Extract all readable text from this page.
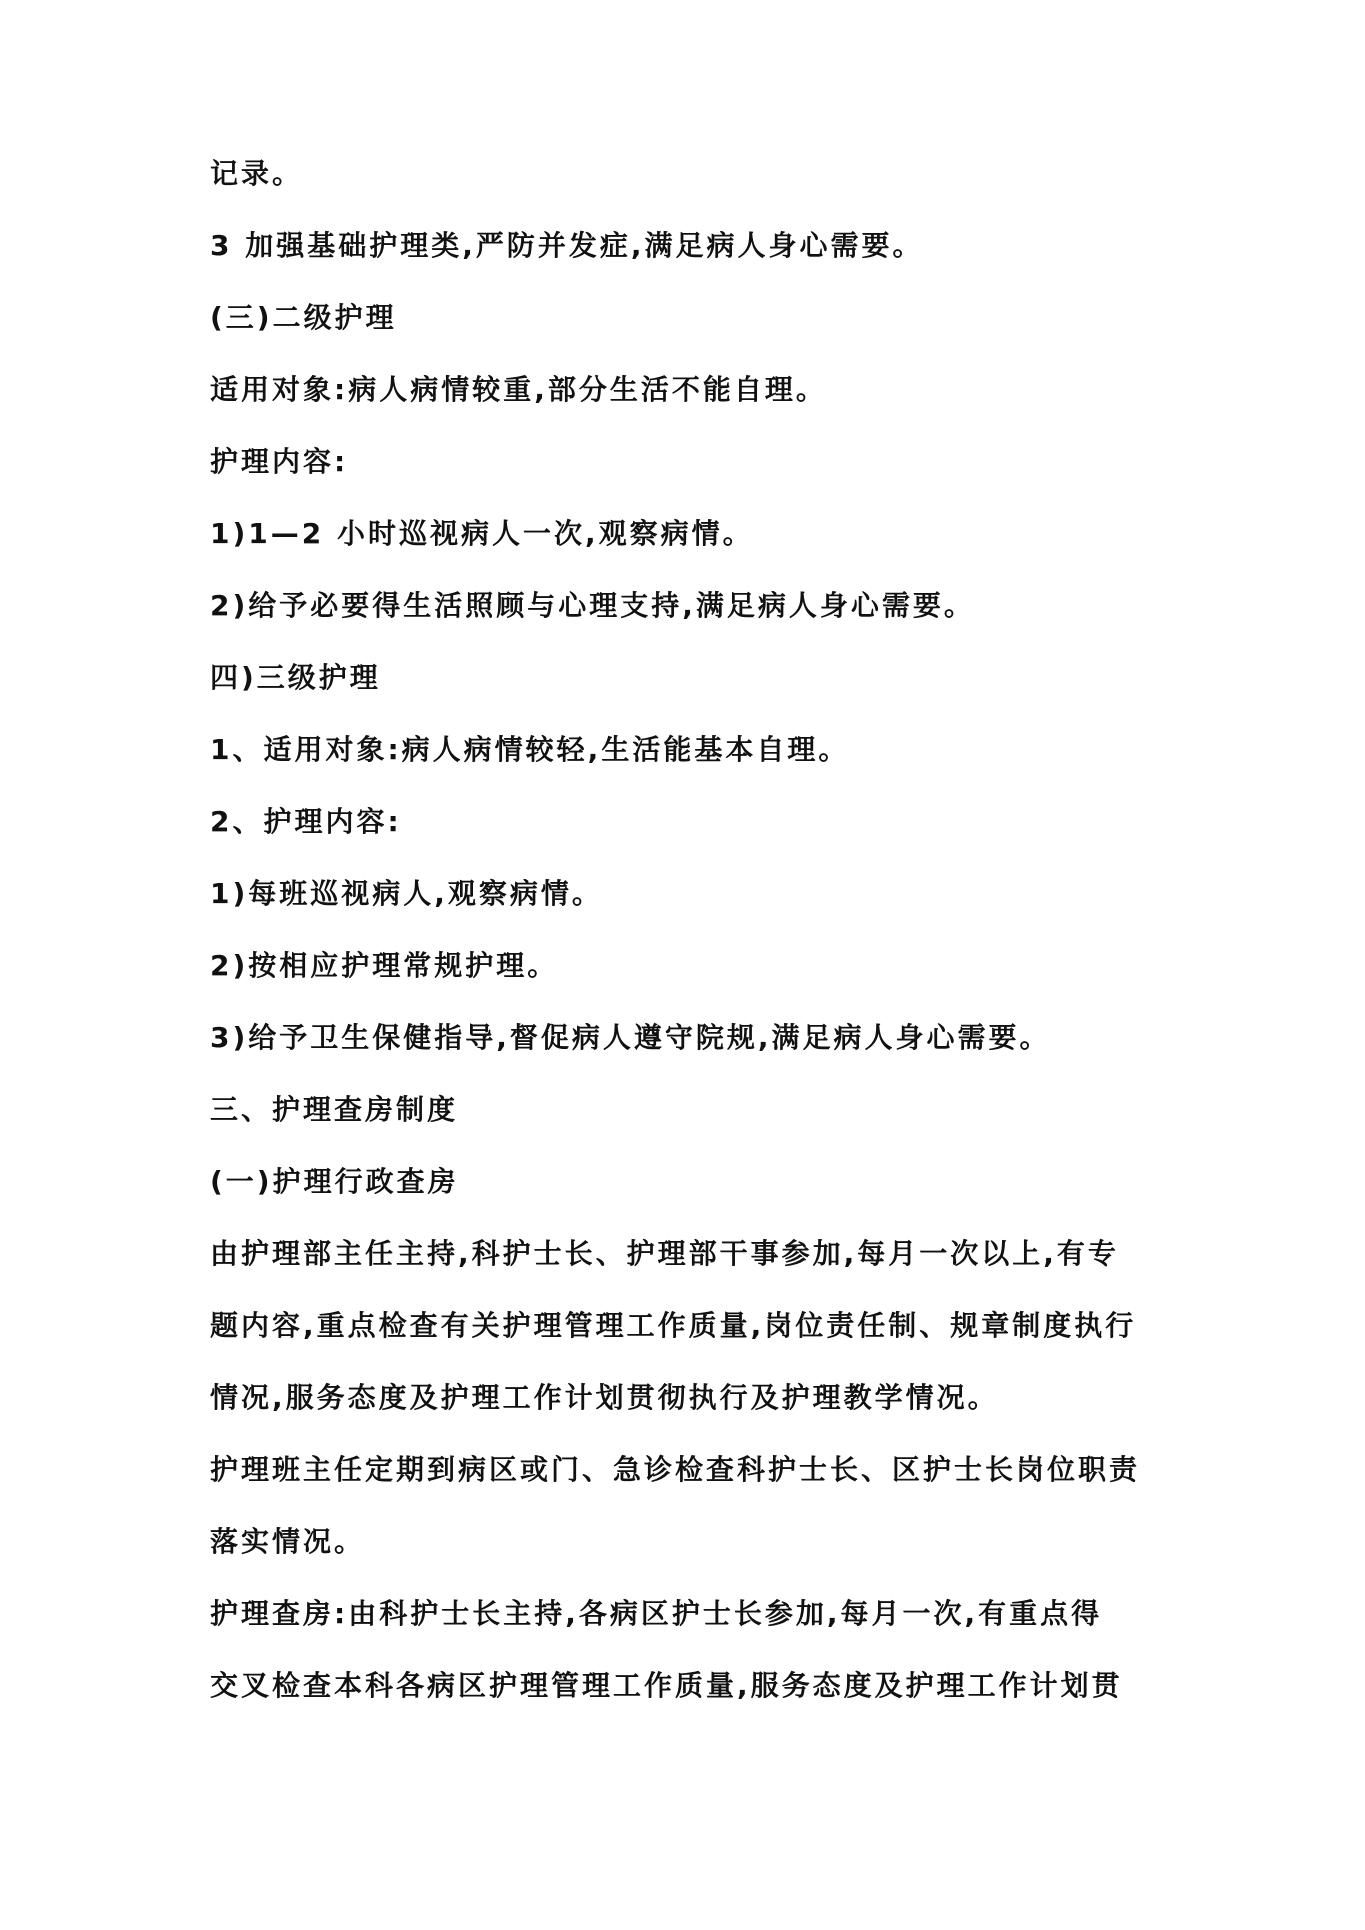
记录。
3 加强基础护理类,严防并发症,满足病人身心需要。
(三)二级护理
适用对象:病人病情较重,部分生活不能自理。
护理内容:
1)1—2 小时巡视病人一次,观察病情。
2)给予必要得生活照顾与心理支持,满足病人身心需要。
四)三级护理
1、适用对象:病人病情较轻,生活能基本自理。
2、护理内容:
1)每班巡视病人,观察病情。
2)按相应护理常规护理。
3)给予卫生保健指导,督促病人遵守院规,满足病人身心需要。
三、护理查房制度
(一)护理行政查房
由护理部主任主持,科护士长、护理部干事参加,每月一次以上,有专
题内容,重点检查有关护理管理工作质量,岗位责任制、规章制度执行
情况,服务态度及护理工作计划贯彻执行及护理教学情况。
护理班主任定期到病区或门、急诊检查科护士长、区护士长岗位职责
落实情况。
护理查房:由科护士长主持,各病区护士长参加,每月一次,有重点得
交叉检查本科各病区护理管理工作质量,服务态度及护理工作计划贯
